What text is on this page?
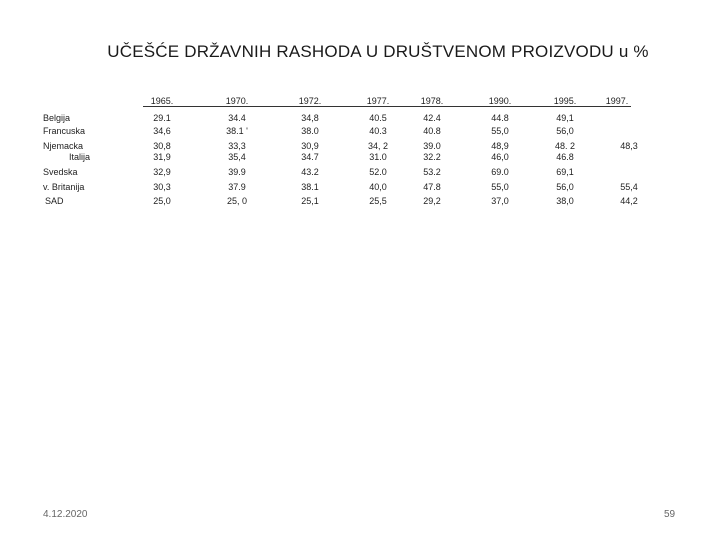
UČEŠĆE DRŽAVNIH RASHODA U DRUŠTVENOM PROIZVODU u %
1965.	1970.	1972.	1977.	1978.	1990.	1995.	1997.
Belgija	29.1	34.4	34,8	40.5	42.4	44.8	49,1
Francuska	34,6	38.1 '	38.0	40.3	40.8	55,0	56,0
Njemacka	30,8	33,3	30,9	34, 2	39.0	48,9	48. 2	48,3
Italija	31,9	35,4	34.7	31.0	32.2	46,0	46.8
Svedska	32,9	39.9	43.2	52.0	53.2	69.0	69,1
v. Britanija	30,3	37.9	38.1	40,0	47.8	55,0	56,0	55,4
SAD	25,0	25, 0	25,1	25,5	29,2	37,0	38,0	44,2
4.12.2020	59
